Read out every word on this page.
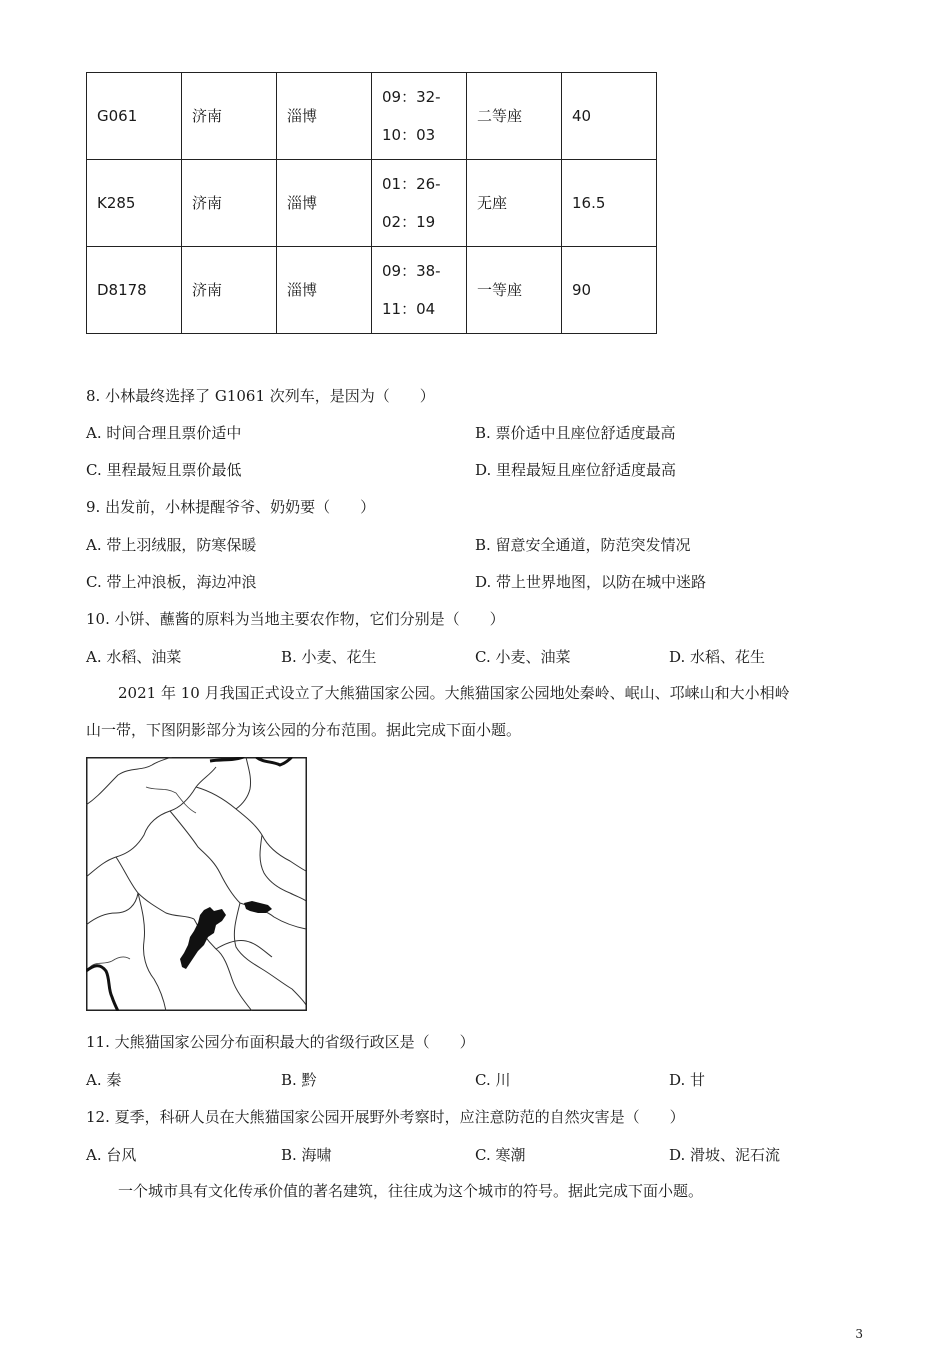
G061	济南	淄博	09：32-
10：03	二等座	40
K285	济南	淄博	01：26-
02：19	无座	16.5
D8178	济南	淄博	09：38-
11：04	一等座	90
8. 小林最终选择了 G1061 次列车，是因为（　　）
A. 时间合理且票价适中	B. 票价适中且座位舒适度最高
C. 里程最短且票价最低	D. 里程最短且座位舒适度最高
9. 出发前，小林提醒爷爷、奶奶要（　　）
A. 带上羽绒服，防寒保暖	B. 留意安全通道，防范突发情况
C. 带上冲浪板，海边冲浪	D. 带上世界地图，以防在城中迷路
10. 小饼、蘸酱的原料为当地主要农作物，它们分别是（　　）
A. 水稻、油菜	B. 小麦、花生	C. 小麦、油菜	D. 水稻、花生
2021 年 10 月我国正式设立了大熊猫国家公园。大熊猫国家公园地处秦岭、岷山、邛崃山和大小相岭
山一带，下图阴影部分为该公园的分布范围。据此完成下面小题。
11. 大熊猫国家公园分布面积最大的省级行政区是（　　）
A. 秦	B. 黔	C. 川	D. 甘
12. 夏季，科研人员在大熊猫国家公园开展野外考察时，应注意防范的自然灾害是（　　）
A. 台风	B. 海啸	C. 寒潮	D. 滑坡、泥石流
一个城市具有文化传承价值的著名建筑，往往成为这个城市的符号。据此完成下面小题。
3
